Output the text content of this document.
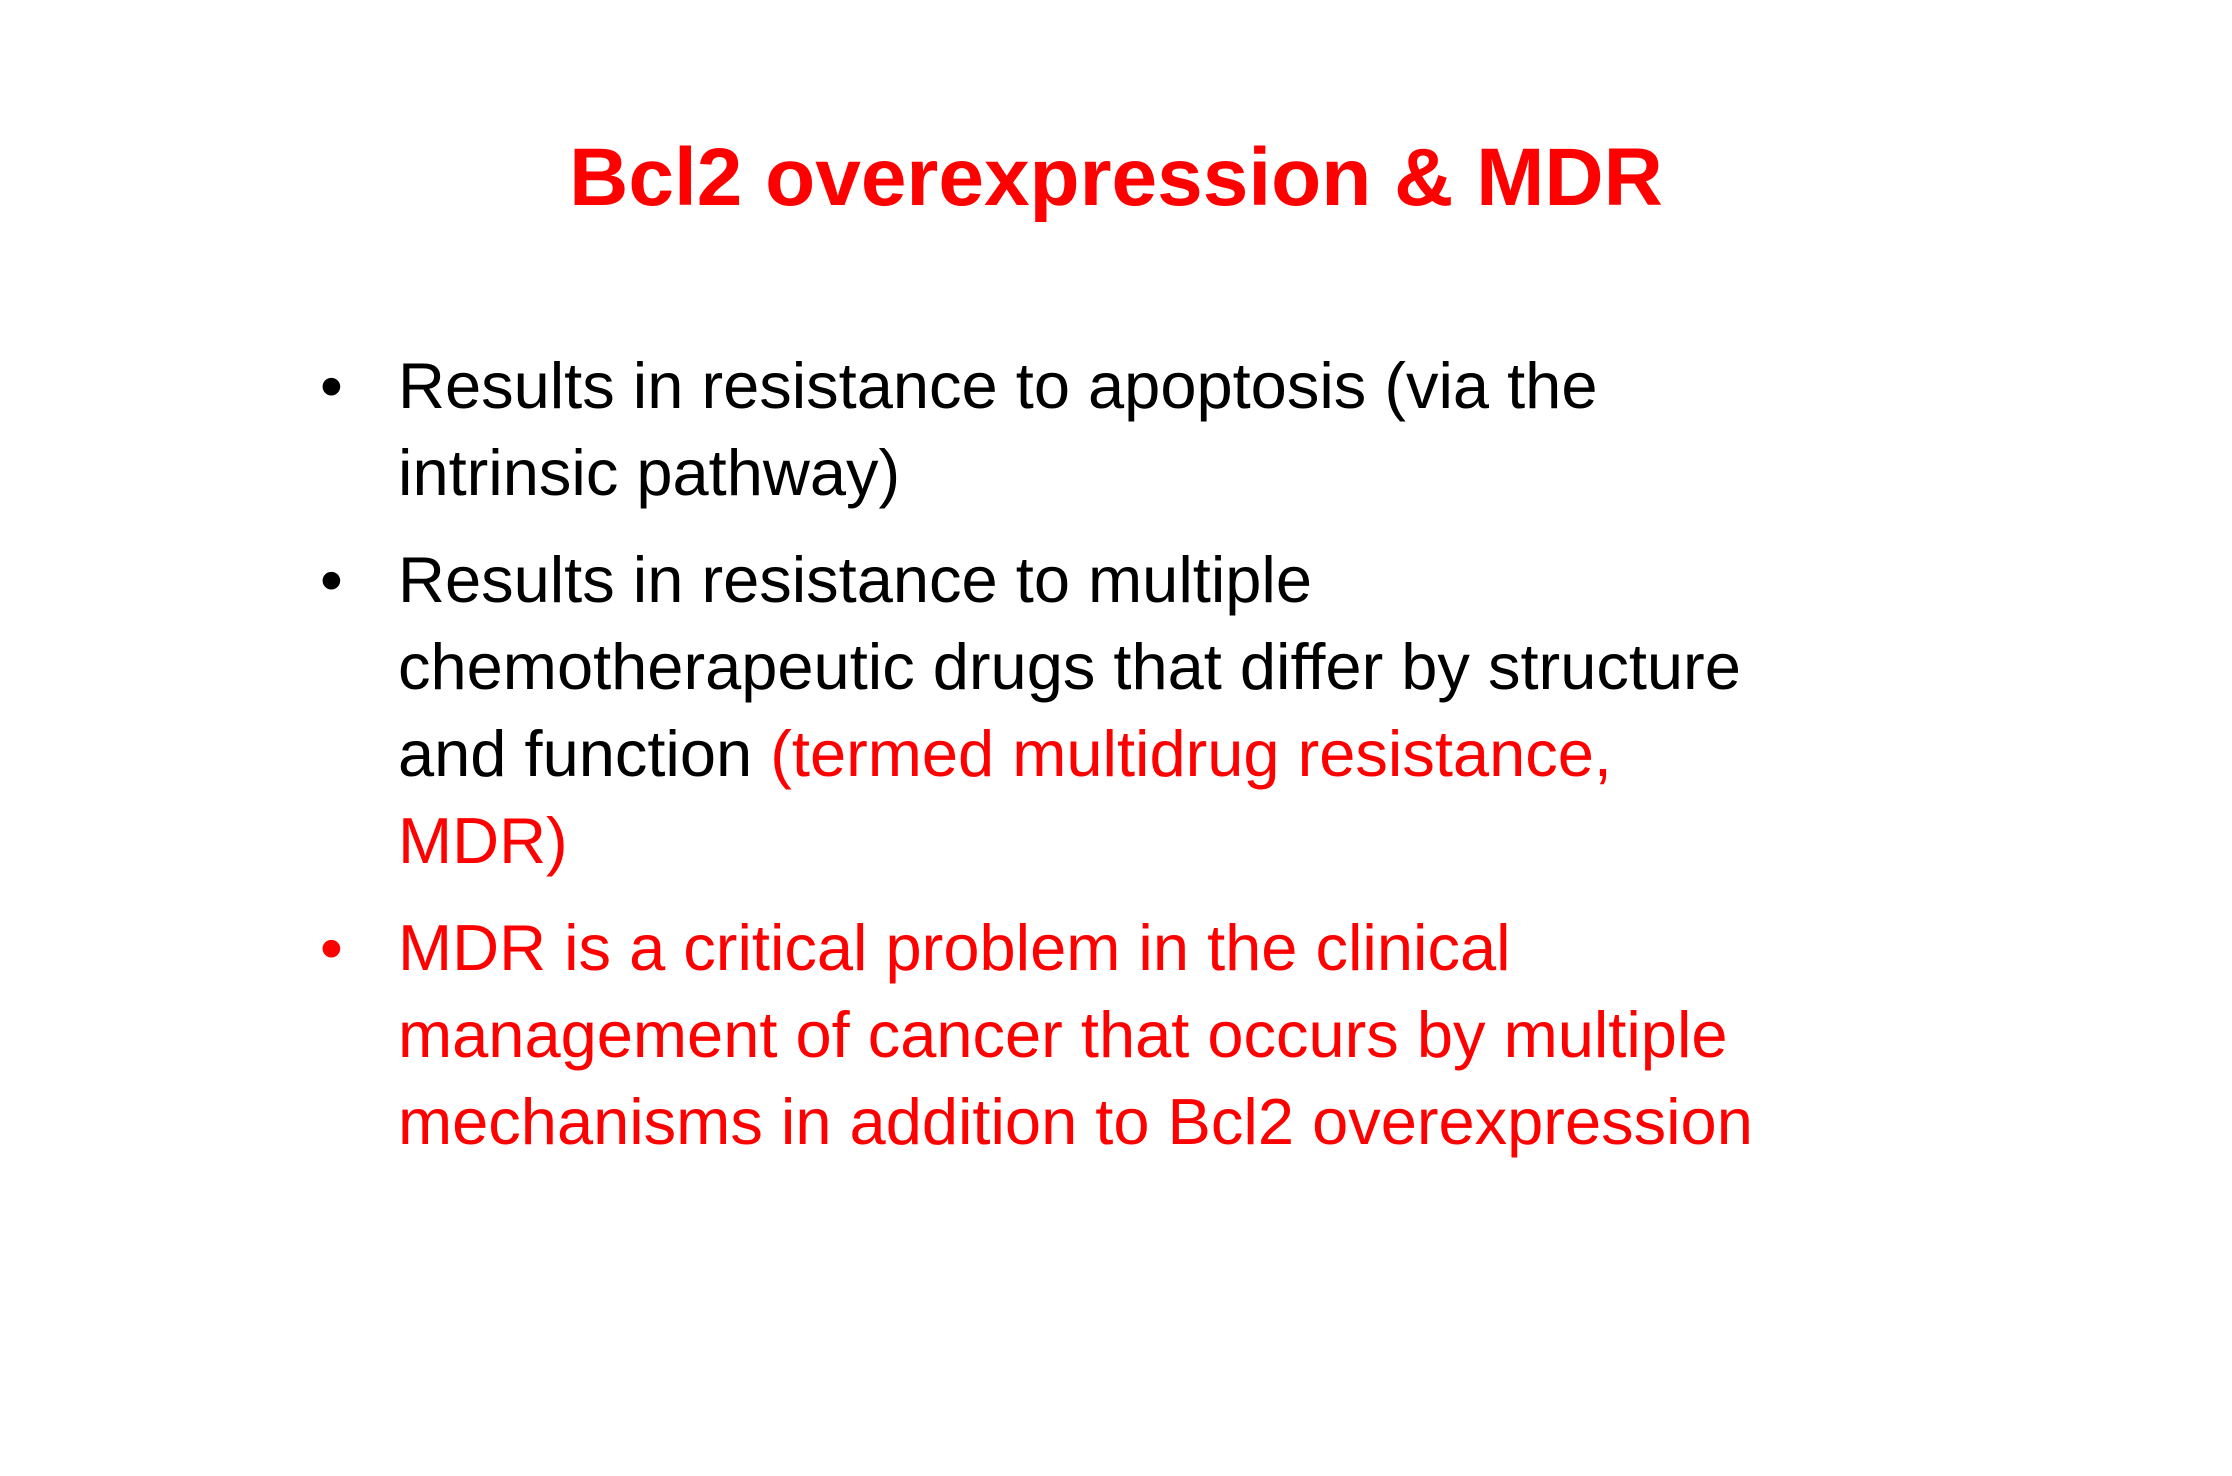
Bcl2 overexpression & MDR
• Results in resistance to apoptosis (via the
intrinsic pathway)
• Results in resistance to multiple
chemotherapeutic drugs that differ by structure
and function (termed multidrug resistance,
MDR)
• MDR is a critical problem in the clinical
management of cancer that occurs by multiple
mechanisms in addition to Bcl2 overexpression
